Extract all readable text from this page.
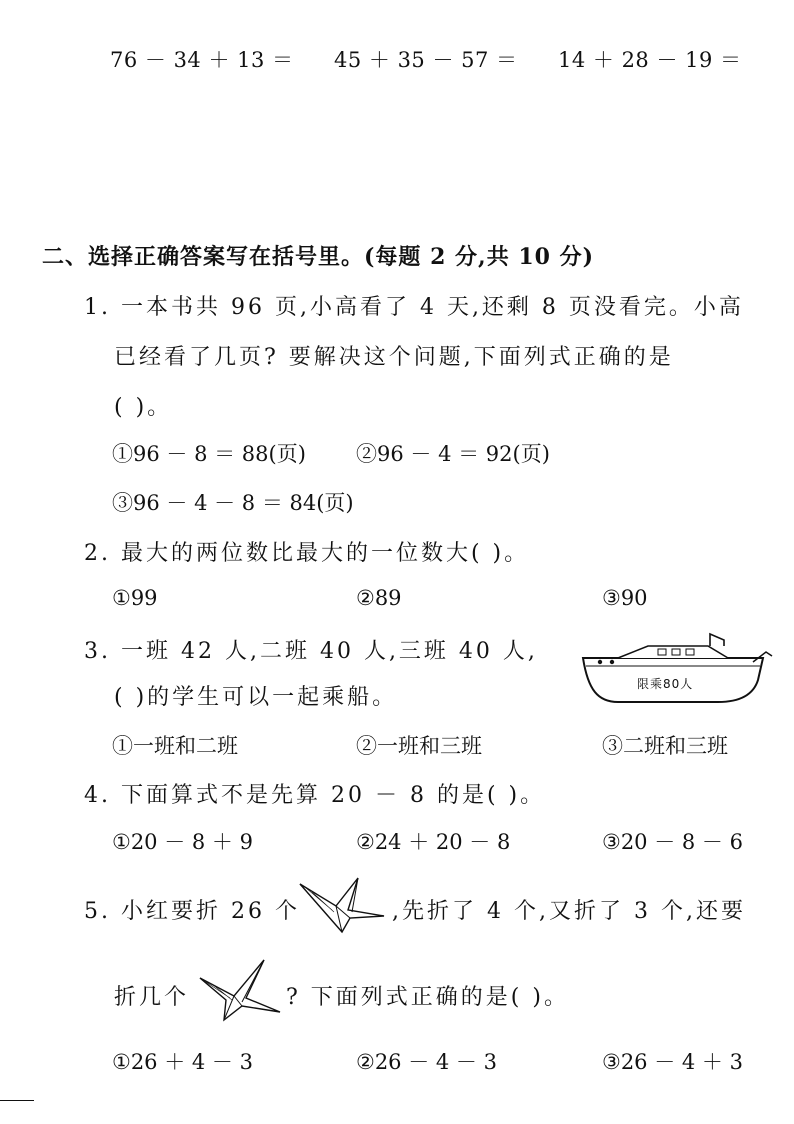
76 － 34 ＋ 13 ＝ 45 ＋ 35 － 57 ＝ 14 ＋ 28 － 19 ＝
二、选择正确答案写在括号里。(每题 2 分,共 10 分)
1. 一本书共 96 页,小高看了 4 天,还剩 8 页没看完。小高
已经看了几页? 要解决这个问题,下面列式正确的是
( )。
①96 － 8 ＝ 88(页) ②96 － 4 ＝ 92(页)
③96 － 4 － 8 ＝ 84(页)
2. 最大的两位数比最大的一位数大( )。
①99	②89	③90
3. 一班 42 人,二班 40 人,三班 40 人,
( )的学生可以一起乘船。
限乘80人
①一班和二班	②一班和三班	③二班和三班
4. 下面算式不是先算 20 － 8 的是( )。
①20 － 8 ＋ 9	②24 ＋ 20 － 8	③20 － 8 － 6
5. 小红要折 26 个	,先折了 4 个,又折了 3 个,还要
折几个	? 下面列式正确的是( )。
①26 ＋ 4 － 3	②26 － 4 － 3	③26 － 4 ＋ 3
